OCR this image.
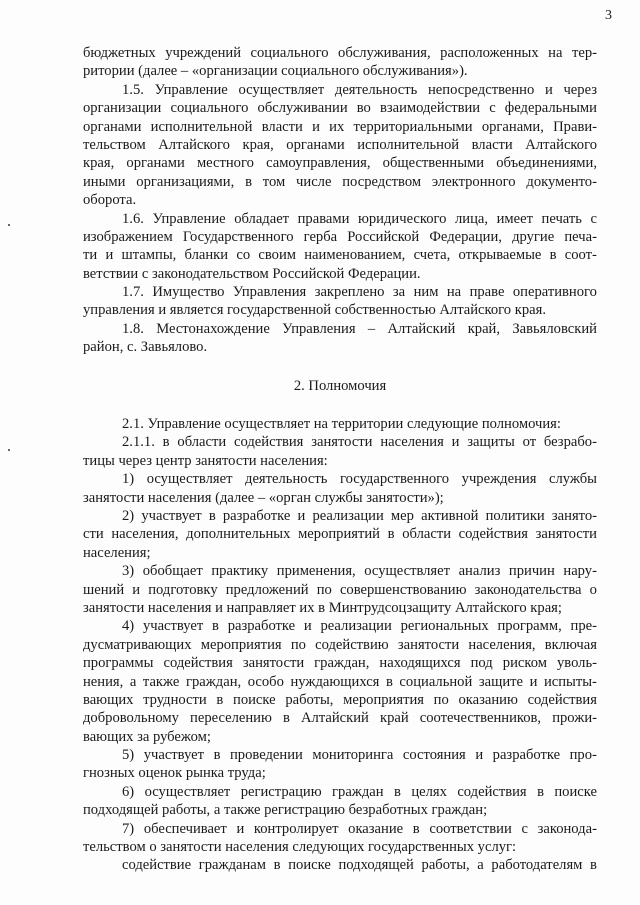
3
бюджетных учреждений социального обслуживания, расположенных на тер-
ритории (далее – «организации социального обслуживания»).
1.5. Управление осуществляет деятельность непосредственно и через
организации социального обслуживании во взаимодействии с федеральными
органами исполнительной власти и их территориальными органами, Прави-
тельством Алтайского края, органами исполнительной власти Алтайского
края, органами местного самоуправления, общественными объединениями,
иными организациями, в том числе посредством электронного документо-
оборота.
1.6. Управление обладает правами юридического лица, имеет печать с
изображением Государственного герба Российской Федерации, другие печа-
ти и штампы, бланки со своим наименованием, счета, открываемые в соот-
ветствии с законодательством Российской Федерации.
1.7. Имущество Управления закреплено за ним на праве оперативного
управления и является государственной собственностью Алтайского края.
1.8. Местонахождение Управления – Алтайский край, Завьяловский
район, с. Завьялово.
2. Полномочия
2.1. Управление осуществляет на территории следующие полномочия:
2.1.1. в области содействия занятости населения и защиты от безрабо-
тицы через центр занятости населения:
1) осуществляет деятельность государственного учреждения службы
занятости населения (далее – «орган службы занятости»);
2) участвует в разработке и реализации мер активной политики занято-
сти населения, дополнительных мероприятий в области содействия занятости
населения;
3) обобщает практику применения, осуществляет анализ причин нару-
шений и подготовку предложений по совершенствованию законодательства о
занятости населения и направляет их в Минтрудсоцзащиту Алтайского края;
4) участвует в разработке и реализации региональных программ, пре-
дусматривающих мероприятия по содействию занятости населения, включая
программы содействия занятости граждан, находящихся под риском уволь-
нения, а также граждан, особо нуждающихся в социальной защите и испыты-
вающих трудности в поиске работы, мероприятия по оказанию содействия
добровольному переселению в Алтайский край соотечественников, прожи-
вающих за рубежом;
5) участвует в проведении мониторинга состояния и разработке про-
гнозных оценок рынка труда;
6) осуществляет регистрацию граждан в целях содействия в поиске
подходящей работы, а также регистрацию безработных граждан;
7) обеспечивает и контролирует оказание в соответствии с законода-
тельством о занятости населения следующих государственных услуг:
содействие гражданам в поиске подходящей работы, а работодателям в
